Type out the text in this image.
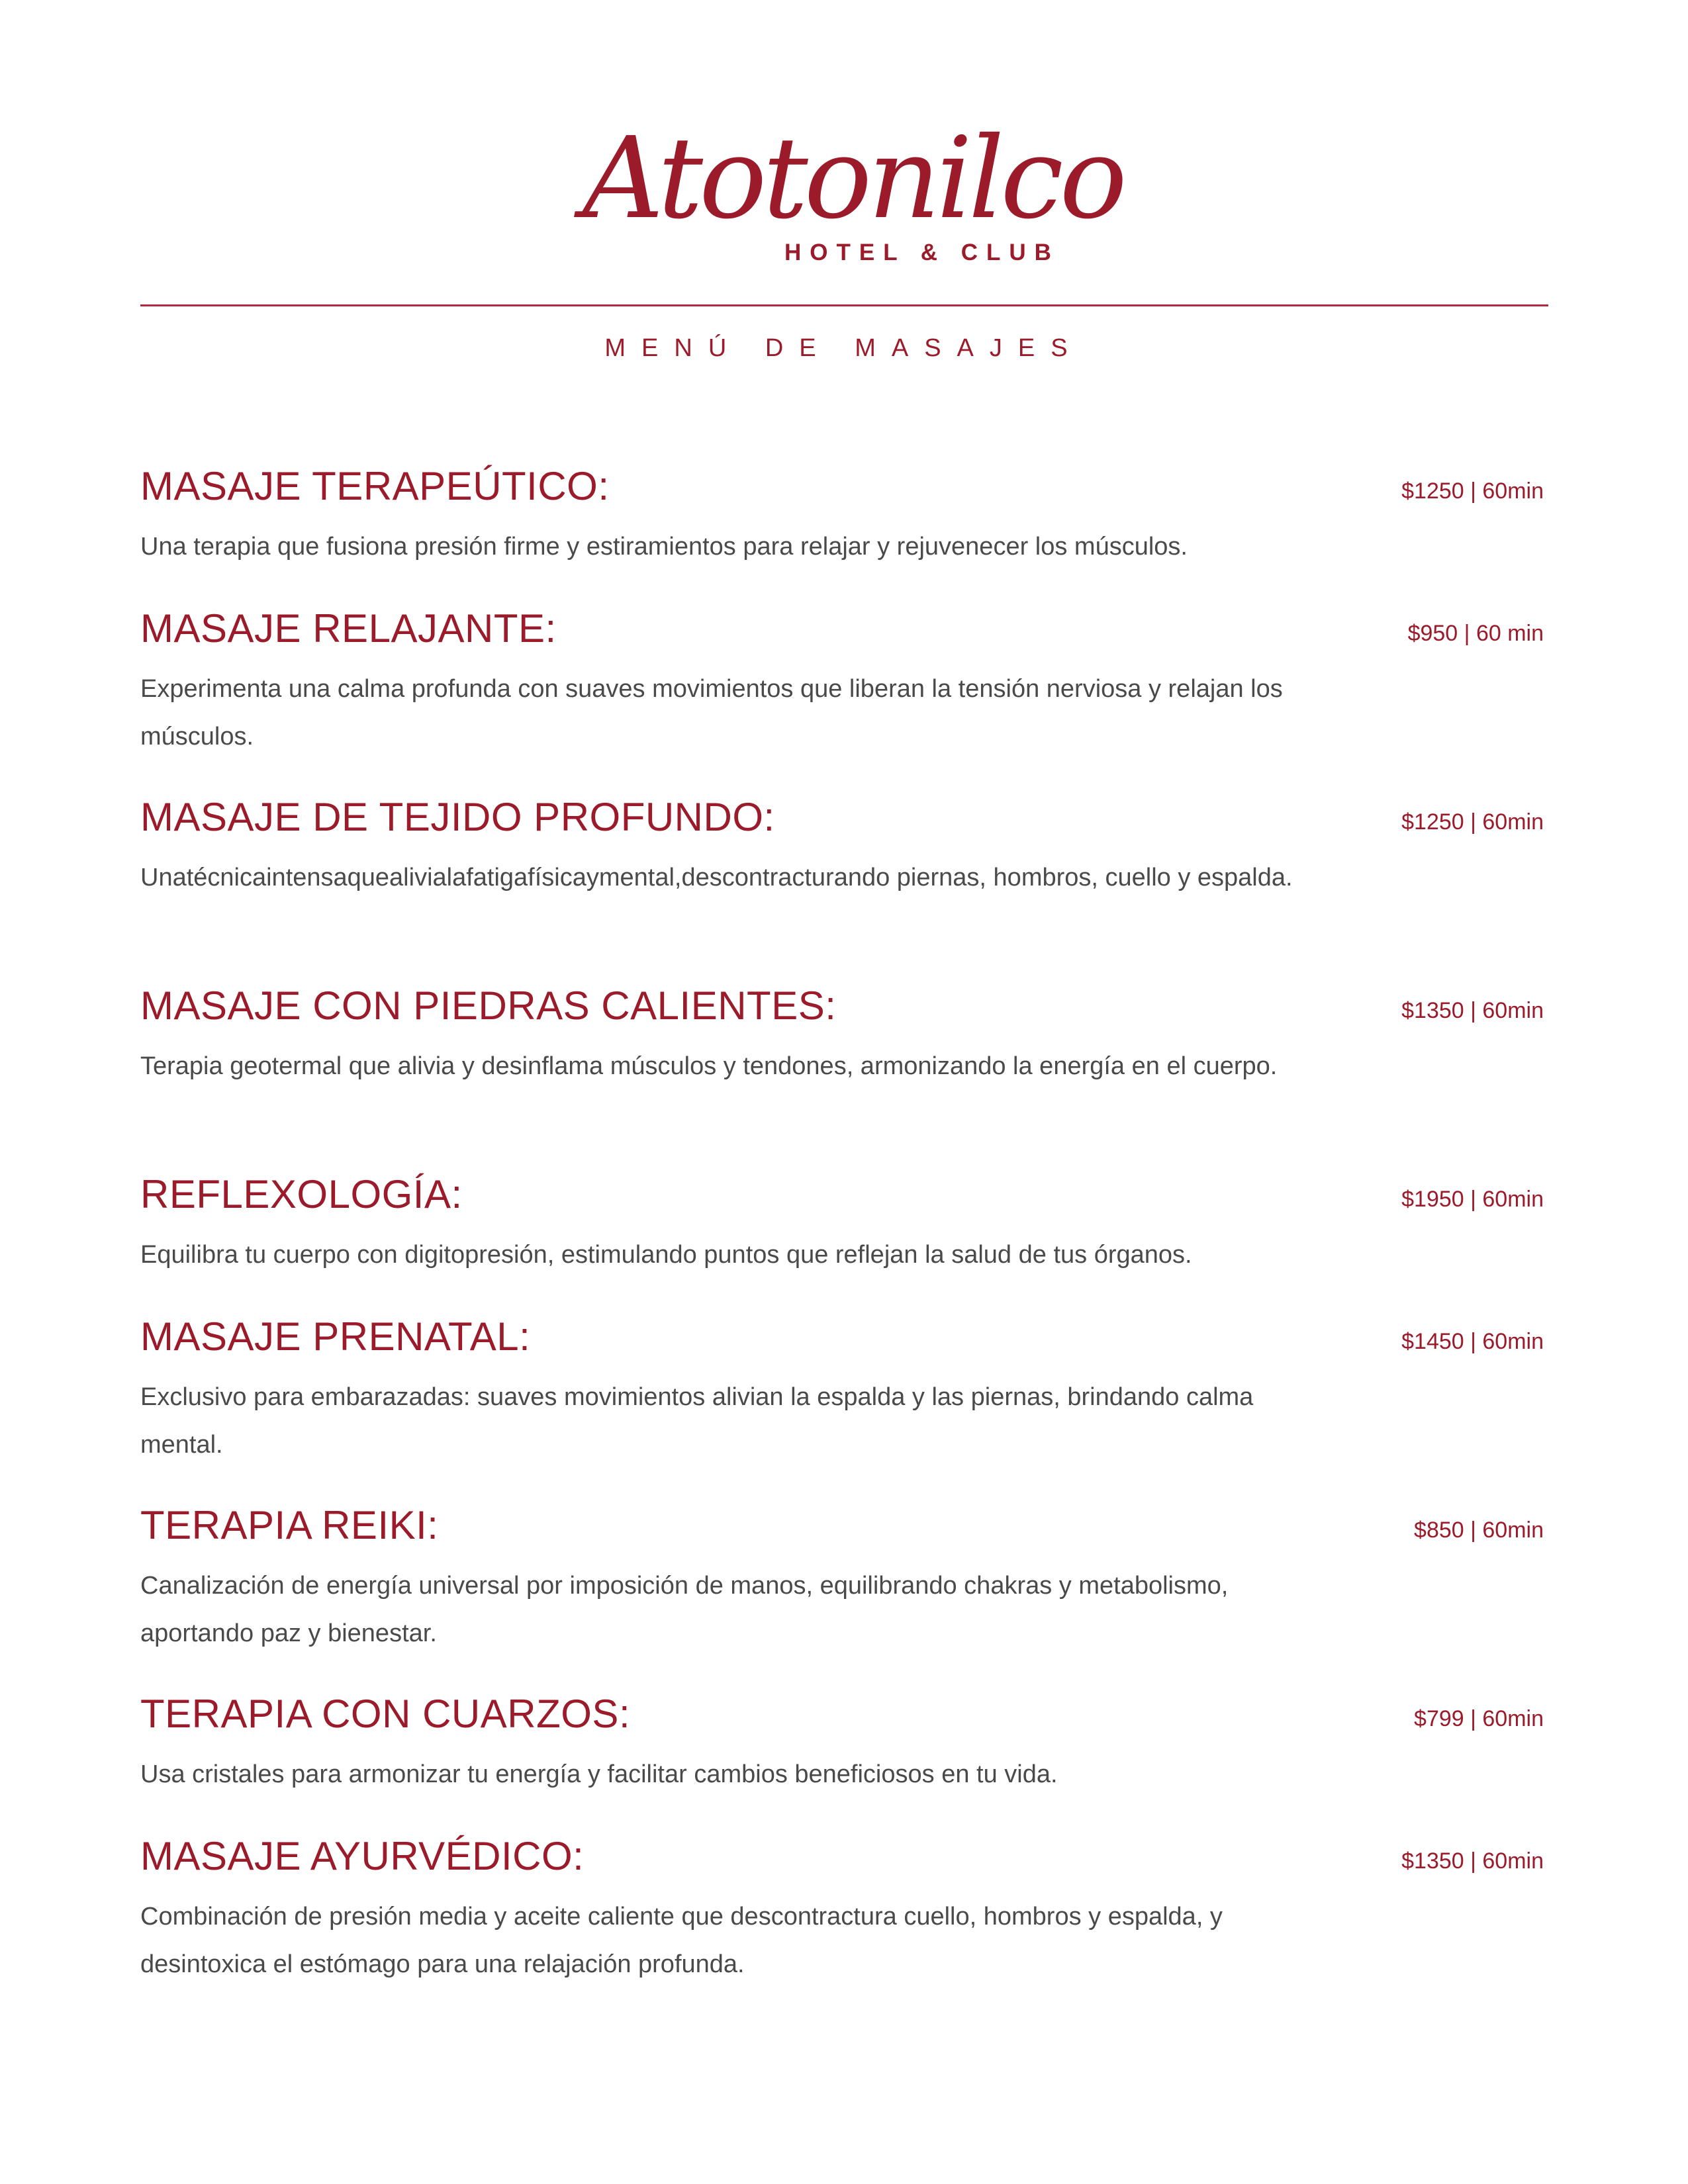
Atotonilco
HOTEL & CLUB
MENÚ DE MASAJES
MASAJE TERAPEÚTICO:	$1250 | 60min
Una terapia que fusiona presión firme y estiramientos para relajar y rejuvenecer los músculos.
MASAJE RELAJANTE:	$950 | 60 min
Experimenta una calma profunda con suaves movimientos que liberan la tensión nerviosa y relajan los músculos.
MASAJE DE TEJIDO PROFUNDO:	$1250 | 60min
Unatécnicaintensaquealivialafatigafísicaymental,descontracturando piernas, hombros, cuello y espalda.
MASAJE CON PIEDRAS CALIENTES:	$1350 | 60min
Terapia geotermal que alivia y desinflama músculos y tendones, armonizando la energía en el cuerpo.
REFLEXOLOGÍA:	$1950 | 60min
Equilibra tu cuerpo con digitopresión, estimulando puntos que reflejan la salud de tus órganos.
MASAJE PRENATAL:	$1450 | 60min
Exclusivo para embarazadas: suaves movimientos alivian la espalda y las piernas, brindando calma mental.
TERAPIA REIKI:	$850 | 60min
Canalización de energía universal por imposición de manos, equilibrando chakras y metabolismo, aportando paz y bienestar.
TERAPIA CON CUARZOS:	$799 | 60min
Usa cristales para armonizar tu energía y facilitar cambios beneficiosos en tu vida.
MASAJE AYURVÉDICO:	$1350 | 60min
Combinación de presión media y aceite caliente que descontractura cuello, hombros y espalda, y desintoxica el estómago para una relajación profunda.
